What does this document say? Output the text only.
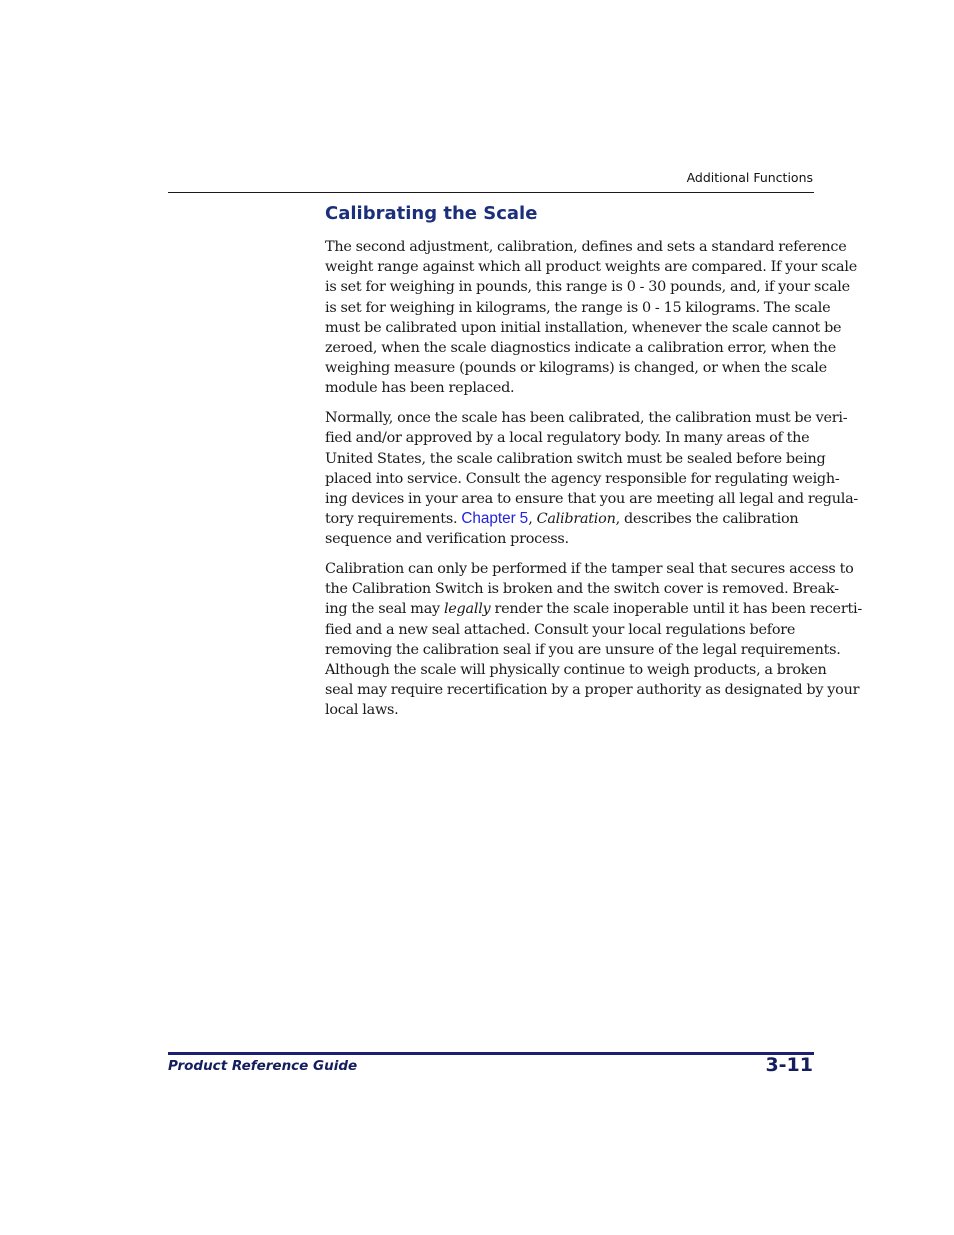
Additional Functions
Calibrating the Scale

The second adjustment, calibration, defines and sets a standard reference
weight range against which all product weights are compared. If your scale
is set for weighing in pounds, this range is 0 - 30 pounds, and, if your scale
is set for weighing in kilograms, the range is 0 - 15 kilograms. The scale
must be calibrated upon initial installation, whenever the scale cannot be
zeroed, when the scale diagnostics indicate a calibration error, when the
weighing measure (pounds or kilograms) is changed, or when the scale
module has been replaced.

Normally, once the scale has been calibrated, the calibration must be veri-
fied and/or approved by a local regulatory body. In many areas of the
United States, the scale calibration switch must be sealed before being
placed into service. Consult the agency responsible for regulating weigh-
ing devices in your area to ensure that you are meeting all legal and regula-
tory requirements. Chapter 5, Calibration, describes the calibration
sequence and verification process.

Calibration can only be performed if the tamper seal that secures access to
the Calibration Switch is broken and the switch cover is removed. Break-
ing the seal may legally render the scale inoperable until it has been recerti-
fied and a new seal attached. Consult your local regulations before
removing the calibration seal if you are unsure of the legal requirements.
Although the scale will physically continue to weigh products, a broken
seal may require recertification by a proper authority as designated by your
local laws.

Product Reference Guide	3-11
